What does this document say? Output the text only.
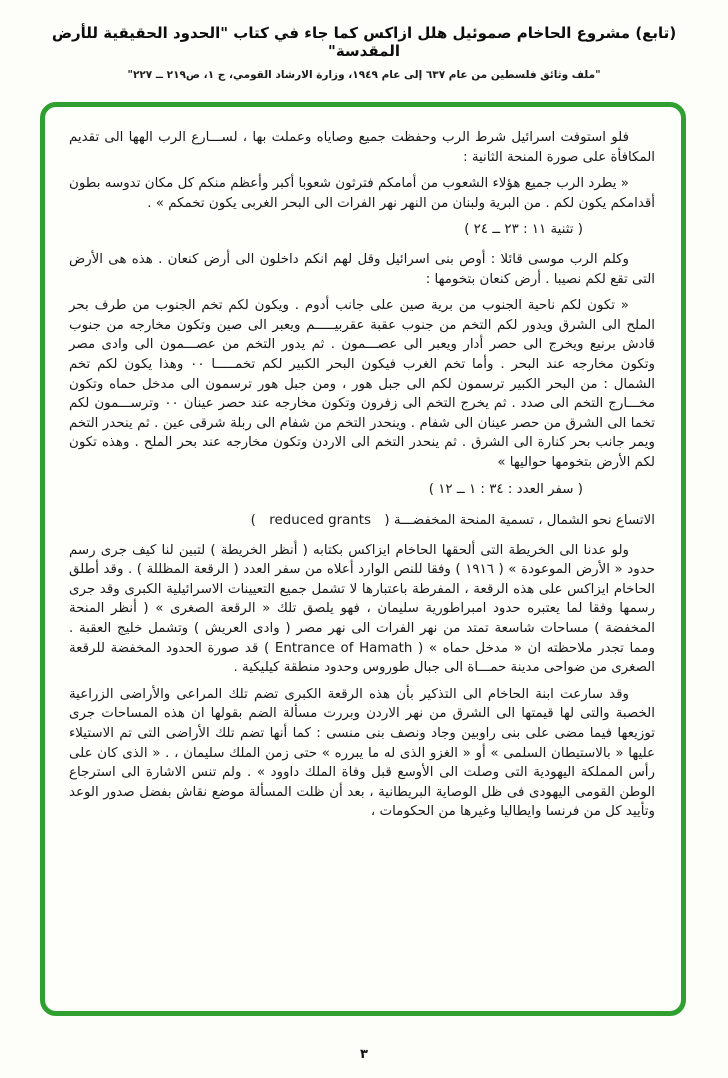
(تابع) مشروع الحاخام صموئيل هلل ازاكس كما جاء في كتاب "الحدود الحقيقية للأرض المقدسة"
"ملف وثائق فلسطين من عام ٦٣٧ إلى عام ١٩٤٩، وزارة الارشاد القومي، ج ١، ص٢١٩ ــ ٢٢٧"

فلو استوفت اسرائيل شرط الرب وحفظت جميع وصاياه وعملت بها ، لســـارع الرب الهها الى تقديم المكافأة على صورة المنحة الثانية :

« يطرد الرب جميع هؤلاء الشعوب من أمامكم فترثون شعوبا أكبر وأعظم منكم كل مكان تدوسه بطون أقدامكم يكون لكم . من البرية ولبنان من النهر نهر الفرات الى البحر الغربى يكون تخمكم » .

( تثنية ١١ : ٢٣ ــ ٢٤ )

وكلم الرب موسى قائلا : أوص بنى اسرائيل وقل لهم انكم داخلون الى أرض كنعان . هذه هى الأرض التى تقع لكم نصيبا . أرض كنعان بتخومها :

« تكون لكم ناحية الجنوب من برية صين على جانب أدوم . ويكون لكم تخم الجنوب من طرف بحر الملح الى الشرق ويدور لكم التخم من جنوب عقبة عقربيـــــم ويعبر الى صين وتكون مخارجه من جنوب قادش برنيع ويخرج الى حصر أدار ويعبر الى عصـــمون . ثم يدور التخم من عصـــمون الى وادى مصر وتكون مخارجه عند البحر . وأما تخم الغرب فيكون البحر الكبير لكم تخمـــــا ٠٠ وهذا يكون لكم تخم الشمال : من البحر الكبير ترسمون لكم الى جبل هور ، ومن جبل هور ترسمون الى مدخل حماه وتكون مخـــارج التخم الى صدد . ثم يخرج التخم الى زفرون وتكون مخارجه عند حصر عينان ٠٠ وترســـمون لكم تخما الى الشرق من حصر عينان الى شفام . وينحدر التخم من شفام الى ربلة شرقى عين . ثم ينحدر التخم ويمر جانب بحر كنارة الى الشرق . ثم ينحدر التخم الى الاردن وتكون مخارجه عند بحر الملح . وهذه تكون لكم الأرض بتخومها حواليها »

( سفر العدد : ٣٤ : ١ ــ ١٢ )

الاتساع نحو الشمال ، تسمية المنحة المخفضـــة (　reduced grants　)

ولو عدنا الى الخريطة التى ألحقها الحاخام ايزاكس بكتابه ( أنظر الخريطة ) لتبين لنا كيف جرى رسم حدود « الأرض الموعودة » ( ١٩١٦ ) وفقا للنص الوارد أعلاه من سفر العدد ( الرقعة المظللة ) . وقد أطلق الحاخام ايزاكس على هذه الرقعة ، المفرطة باعتبارها لا تشمل جميع التعيينات الاسرائيلية الكبرى وقد جرى رسمها وفقا لما يعتبره حدود امبراطورية سليمان ، فهو يلصق تلك « الرقعة الصغرى » ( أنظر المنحة المخفضة ) مساحات شاسعة تمتد من نهر الفرات الى نهر مصر ( وادى العريش ) وتشمل خليج العقبة . ومما تجدر ملاحظته ان « مدخل حماه » ( Entrance of Hamath ) قد صورة الحدود المخفضة للرقعة الصغرى من ضواحى مدينة حمـــاة الى جبال طوروس وحدود منطقة كيليكية .

وقد سارعت ابنة الحاخام الى التذكير بأن هذه الرقعة الكبرى تضم تلك المراعى والأراضى الزراعية الخصبة والتى لها قيمتها الى الشرق من نهر الاردن وبررت مسألة الضم بقولها ان هذه المساحات جرى توزيعها فيما مضى على بنى راوبين وجاد ونصف بنى منسى : كما أنها تضم تلك الأراضى التى تم الاستيلاء عليها « بالاستيطان السلمى » أو « الغزو الذى له ما يبرره » حتى زمن الملك سليمان ، . « الذى كان على رأس المملكة اليهودية التى وصلت الى الأوسع قبل وفاة الملك داوود » . ولم تنس الاشارة الى استرجاع الوطن القومى اليهودى فى ظل الوصاية البريطانية ، بعد أن ظلت المسألة موضع نقاش بفضل صدور الوعد وتأييد كل من فرنسا وايطاليا وغيرها من الحكومات ،

٣
